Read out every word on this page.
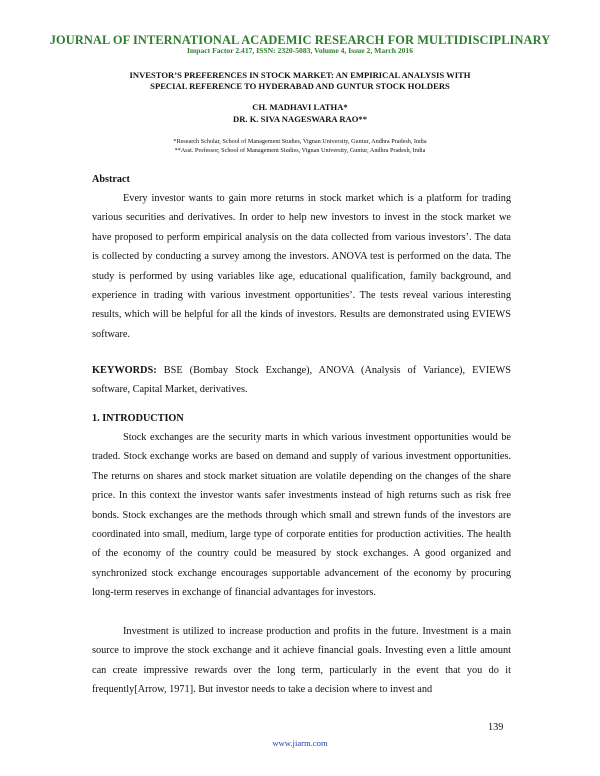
JOURNAL OF INTERNATIONAL ACADEMIC RESEARCH FOR MULTIDISCIPLINARY
Impact Factor 2.417, ISSN: 2320-5083, Volume 4, Issue 2, March 2016
INVESTOR’S PREFERENCES IN STOCK MARKET: AN EMPIRICAL ANALYSIS WITH
SPECIAL REFERENCE TO HYDERABAD AND GUNTUR STOCK HOLDERS
CH. MADHAVI LATHA*
DR. K. SIVA NAGESWARA RAO**
*Research Scholar, School of Management Studies, Vignan University, Guntur, Andhra Pradesh, India
**Asst. Professor, School of Management Studies, Vignan University, Guntur, Andhra Pradesh, India
Abstract

Every investor wants to gain more returns in stock market which is a platform for trading various securities and derivatives. In order to help new investors to invest in the stock market we have proposed to perform empirical analysis on the data collected from various investors’. The data is collected by conducting a survey among the investors. ANOVA test is performed on the data. The study is performed by using variables like age, educational qualification, family background, and experience in trading with various investment opportunities’. The tests reveal various interesting results, which will be helpful for all the kinds of investors. Results are demonstrated using EVIEWS software.

KEYWORDS: BSE (Bombay Stock Exchange), ANOVA (Analysis of Variance), EVIEWS software, Capital Market, derivatives.

1. INTRODUCTION

Stock exchanges are the security marts in which various investment opportunities would be traded. Stock exchange works are based on demand and supply of various investment opportunities. The returns on shares and stock market situation are volatile depending on the changes of the share price. In this context the investor wants safer investments instead of high returns such as risk free bonds. Stock exchanges are the methods through which small and strewn funds of the investors are coordinated into small, medium, large type of corporate entities for production activities. The health of the economy of the country could be measured by stock exchanges. A good organized and synchronized stock exchange encourages supportable advancement of the economy by procuring long-term reserves in exchange of financial advantages for investors.

Investment is utilized to increase production and profits in the future. Investment is a main source to improve the stock exchange and it achieve financial goals. Investing even a little amount can create impressive rewards over the long term, particularly in the event that you do it frequently[Arrow, 1971]. But investor needs to take a decision where to invest and

139
www.jiarm.com
